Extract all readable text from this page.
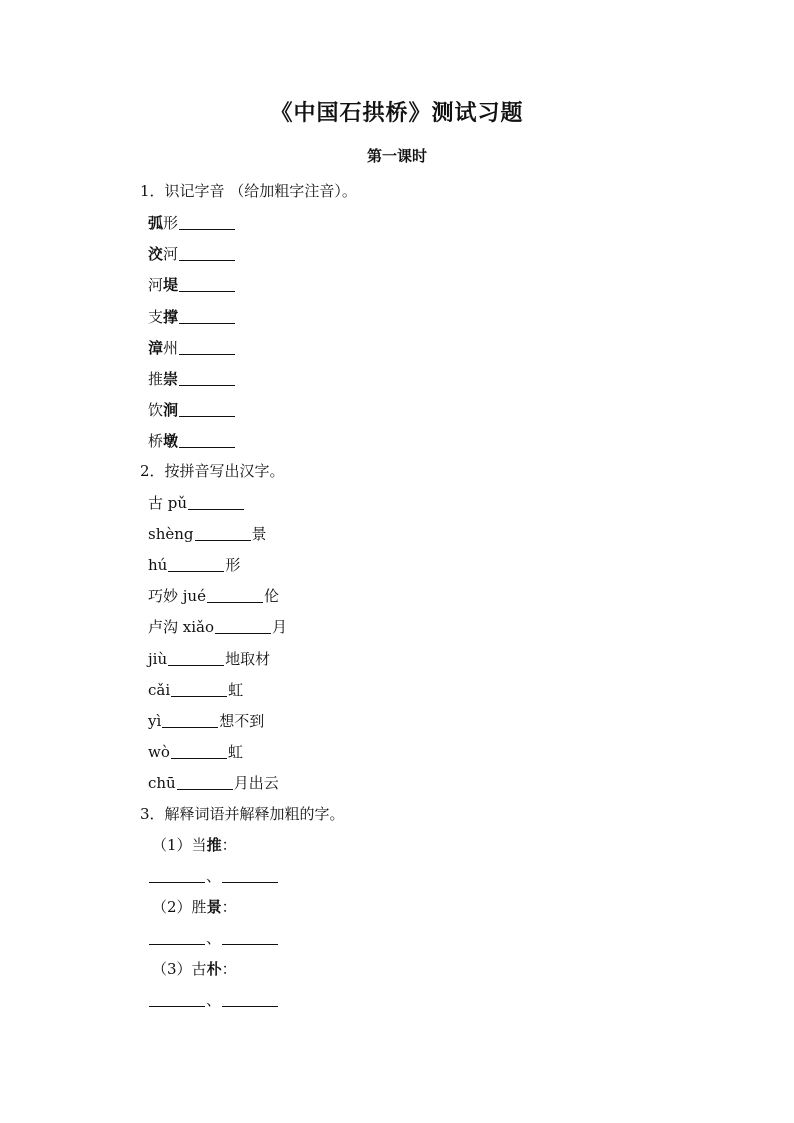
《中国石拱桥》测试习题
第一课时
1．识记字音 （给加粗字注音）。
弧形
洨河
河堤
支撑
漳州
推崇
饮涧
桥墩
2．按拼音写出汉字。
古 pǔ
shèng	景
hú	形
巧妙 jué	伦
卢沟 xiǎo	月
jiù	地取材
cǎi	虹
yì	想不到
wò	虹
chū	月出云
3．解释词语并解释加粗的字。
（1）当推：
、
（2）胜景：
、
（3）古朴：
、
